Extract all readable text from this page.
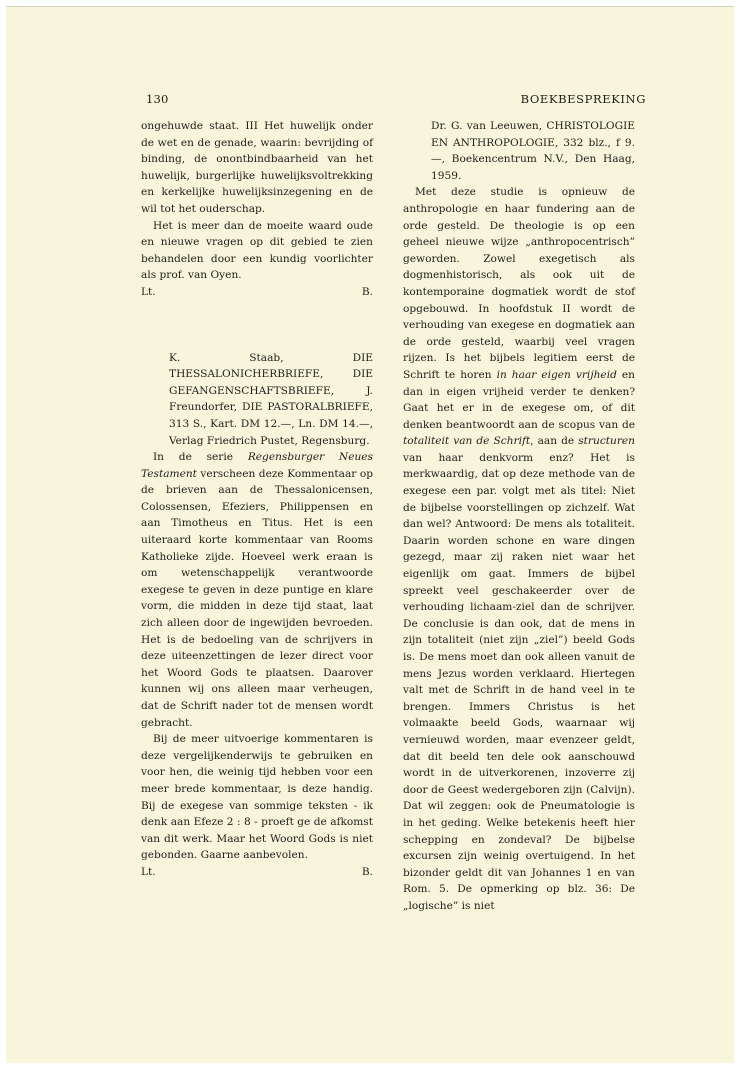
130	BOEKBESPREKING

ongehuwde staat. III Het huwelijk onder de wet en de genade, waarin: bevrijding of binding, de onontbindbaarheid van het huwelijk, burgerlijke huwelijksvoltrekking en kerkelijke huwelijksinzegening en de wil tot het ouderschap.

Het is meer dan de moeite waard oude en nieuwe vragen op dit gebied te zien behandelen door een kundig voorlichter als prof. van Oyen.

Lt.	B.

K. Staab, DIE THESSALONICHERBRIEFE, DIE GEFANGENSCHAFTSBRIEFE, J. Freundorfer, DIE PASTORALBRIEFE, 313 S., Kart. DM 12.—, Ln. DM 14.—, Verlag Friedrich Pustet, Regensburg.

In de serie Regensburger Neues Testament verscheen deze Kommentaar op de brieven aan de Thessalonicensen, Colossensen, Efeziers, Philippensen en aan Timotheus en Titus. Het is een uiteraard korte kommentaar van Rooms Katholieke zijde. Hoeveel werk eraan is om wetenschappelijk verantwoorde exegese te geven in deze puntige en klare vorm, die midden in deze tijd staat, laat zich alleen door de ingewijden bevroeden. Het is de bedoeling van de schrijvers in deze uiteenzettingen de lezer direct voor het Woord Gods te plaatsen. Daarover kunnen wij ons alleen maar verheugen, dat de Schrift nader tot de mensen wordt gebracht.

Bij de meer uitvoerige kommentaren is deze vergelijkenderwijs te gebruiken en voor hen, die weinig tijd hebben voor een meer brede kommentaar, is deze handig. Bij de exegese van sommige teksten - ik denk aan Efeze 2 : 8 - proeft ge de afkomst van dit werk. Maar het Woord Gods is niet gebonden. Gaarne aanbevolen.

Lt.	B.

Dr. G. van Leeuwen, CHRISTOLOGIE EN ANTHROPOLOGIE, 332 blz., f 9.—, Boekencentrum N.V., Den Haag, 1959.

Met deze studie is opnieuw de anthropologie en haar fundering aan de orde gesteld. De theologie is op een geheel nieuwe wijze „anthropocentrisch” geworden. Zowel exegetisch als dogmenhistorisch, als ook uit de kontemporaine dogmatiek wordt de stof opgebouwd. In hoofdstuk II wordt de verhouding van exegese en dogmatiek aan de orde gesteld, waarbij veel vragen rijzen. Is het bijbels legitiem eerst de Schrift te horen in haar eigen vrijheid en dan in eigen vrijheid verder te denken? Gaat het er in de exegese om, of dit denken beantwoordt aan de scopus van de totaliteit van de Schrift, aan de structuren van haar denkvorm enz? Het is merkwaardig, dat op deze methode van de exegese een par. volgt met als titel: Niet de bijbelse voorstellingen op zichzelf. Wat dan wel? Antwoord: De mens als totaliteit. Daarin worden schone en ware dingen gezegd, maar zij raken niet waar het eigenlijk om gaat. Immers de bijbel spreekt veel geschakeerder over de verhouding lichaam-ziel dan de schrijver. De conclusie is dan ook, dat de mens in zijn totaliteit (niet zijn „ziel”) beeld Gods is. De mens moet dan ook alleen vanuit de mens Jezus worden verklaard. Hiertegen valt met de Schrift in de hand veel in te brengen. Immers Christus is het volmaakte beeld Gods, waarnaar wij vernieuwd worden, maar evenzeer geldt, dat dit beeld ten dele ook aanschouwd wordt in de uitverkorenen, inzoverre zij door de Geest wedergeboren zijn (Calvijn). Dat wil zeggen: ook de Pneumatologie is in het geding. Welke betekenis heeft hier schepping en zondeval? De bijbelse excursen zijn weinig overtuigend. In het bizonder geldt dit van Johannes 1 en van Rom. 5. De opmerking op blz. 36: De „logische” is niet
